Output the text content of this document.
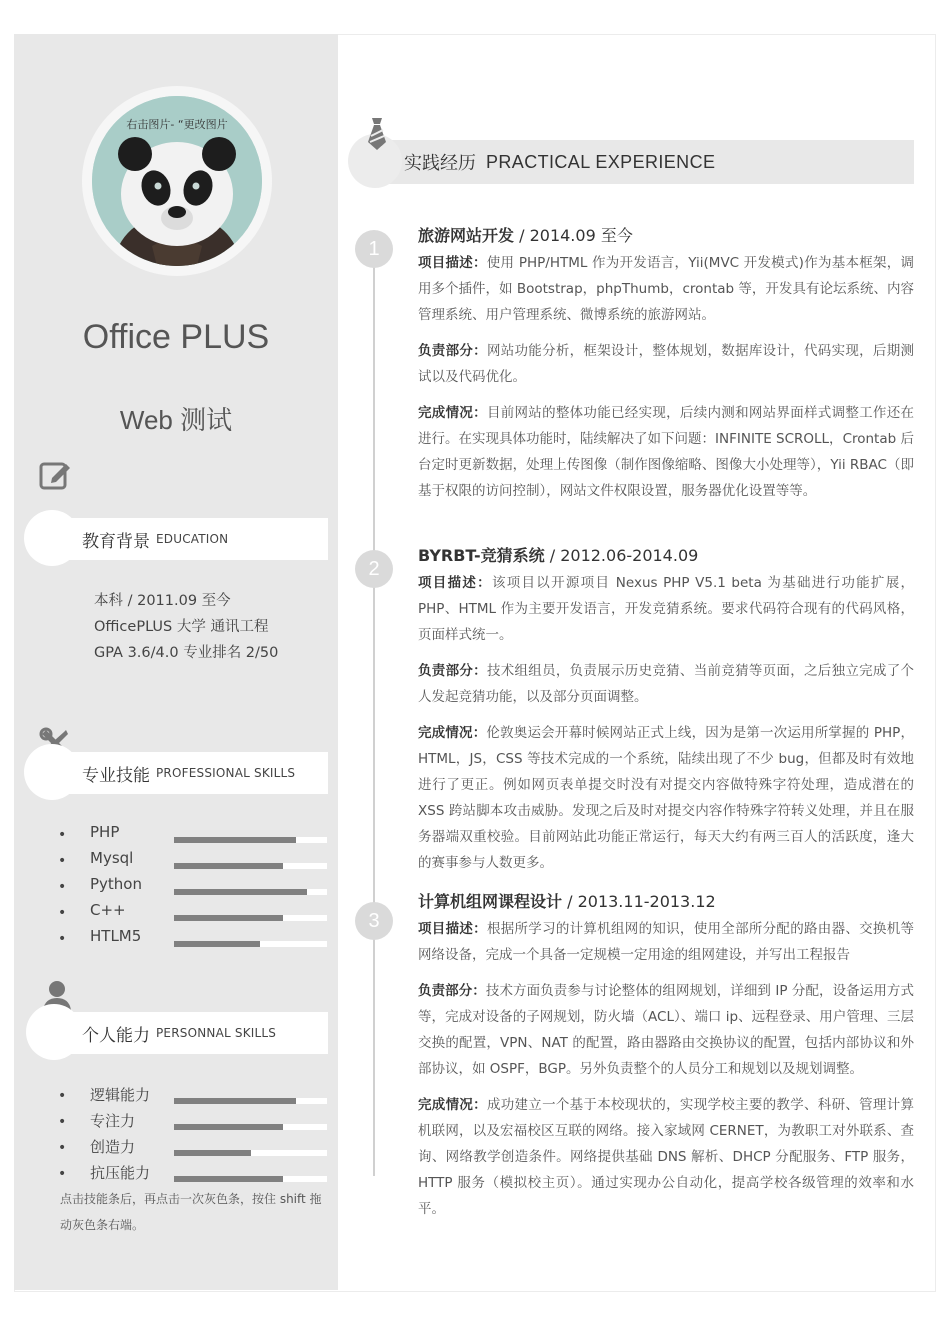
右击图片- “更改图片
Office PLUS
Web 测试
教育背景 EDUCATION
本科 / 2011.09 至今
OfficePLUS 大学 通讯工程
GPA 3.6/4.0 专业排名 2/50
专业技能 PROFESSIONAL SKILLS
• PHP
• Mysql
• Python
• C++
• HTLM5
个人能力 PERSONNAL SKILLS
• 逻辑能力
• 专注力
• 创造力
• 抗压能力
点击技能条后，再点击一次灰色条，按住 shift 拖动灰色条右端。
实践经历 PRACTICAL EXPERIENCE
1
2
3
旅游网站开发 / 2014.09 至今
项目描述：使用 PHP/HTML 作为开发语言，Yii(MVC 开发模式)作为基本框架，调用多个插件，如 Bootstrap，phpThumb，crontab 等，开发具有论坛系统、内容管理系统、用户管理系统、微博系统的旅游网站。
负责部分：网站功能分析，框架设计，整体规划，数据库设计，代码实现，后期测试以及代码优化。
完成情况：目前网站的整体功能已经实现，后续内测和网站界面样式调整工作还在进行。在实现具体功能时，陆续解决了如下问题：INFINITE SCROLL，Crontab 后台定时更新数据，处理上传图像（制作图像缩略、图像大小处理等），Yii RBAC（即基于权限的访问控制），网站文件权限设置，服务器优化设置等等。
BYRBT-竞猜系统 / 2012.06-2014.09
项目描述：该项目以开源项目 Nexus PHP V5.1 beta 为基础进行功能扩展，PHP、HTML 作为主要开发语言，开发竞猜系统。要求代码符合现有的代码风格，页面样式统一。
负责部分：技术组组员，负责展示历史竞猜、当前竞猜等页面，之后独立完成了个人发起竞猜功能，以及部分页面调整。
完成情况：伦敦奥运会开幕时候网站正式上线，因为是第一次运用所掌握的 PHP，HTML，JS，CSS 等技术完成的一个系统，陆续出现了不少 bug，但都及时有效地进行了更正。例如网页表单提交时没有对提交内容做特殊字符处理，造成潜在的 XSS 跨站脚本攻击威胁。发现之后及时对提交内容作特殊字符转义处理，并且在服务器端双重校验。目前网站此功能正常运行，每天大约有两三百人的活跃度，逢大的赛事参与人数更多。
计算机组网课程设计 / 2013.11-2013.12
项目描述：根据所学习的计算机组网的知识，使用全部所分配的路由器、交换机等网络设备，完成一个具备一定规模一定用途的组网建设，并写出工程报告
负责部分：技术方面负责参与讨论整体的组网规划，详细到 IP 分配，设备运用方式等，完成对设备的子网规划，防火墙（ACL）、端口 ip、远程登录、用户管理、三层交换的配置，VPN、NAT 的配置，路由器路由交换协议的配置，包括内部协议和外部协议，如 OSPF，BGP。另外负责整个的人员分工和规划以及规划调整。
完成情况：成功建立一个基于本校现状的，实现学校主要的教学、科研、管理计算机联网，以及宏福校区互联的网络。接入家域网 CERNET，为教职工对外联系、查询、网络教学创造条件。网络提供基础 DNS 解析、DHCP 分配服务、FTP 服务，HTTP 服务（模拟校主页）。通过实现办公自动化，提高学校各级管理的效率和水平。
